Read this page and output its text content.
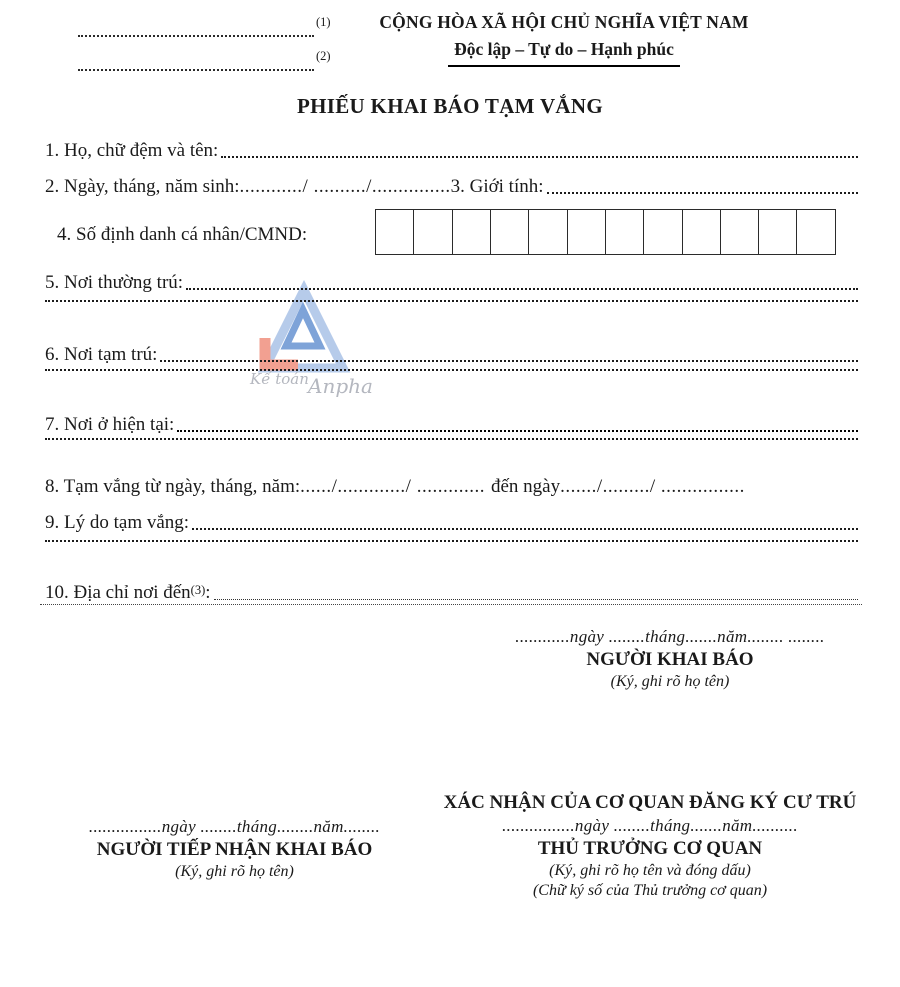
Kế toán Anpha
$^{(1)}$
$^{(2)}$
CỘNG HÒA XÃ HỘI CHỦ NGHĨA VIỆT NAM
Độc lập – Tự do – Hạnh phúc
PHIẾU KHAI BÁO TẠM VẮNG
1. Họ, chữ đệm và tên:
2. Ngày, tháng, năm sinh: ............/ ........../............... 3. Giới tính:
4. Số định danh cá nhân/CMND:
5. Nơi thường trú:
6. Nơi tạm trú:
7. Nơi ở hiện tại:
8. Tạm vắng từ ngày, tháng, năm: ....../............./ ............. đến ngày ......./........./ ................
9. Lý do tạm vắng:
10. Địa chỉ nơi đến$^{(3)}$ :
............ngày ........tháng.......năm........ ........
NGƯỜI KHAI BÁO
(Ký, ghi rõ họ tên)
................ngày ........tháng........năm........
NGƯỜI TIẾP NHẬN KHAI BÁO
(Ký, ghi rõ họ tên)
XÁC NHẬN CỦA CƠ QUAN ĐĂNG KÝ CƯ TRÚ
................ngày ........tháng.......năm..........
THỦ TRƯỞNG CƠ QUAN
(Ký, ghi rõ họ tên và đóng dấu)
(Chữ ký số của Thủ trưởng cơ quan)
